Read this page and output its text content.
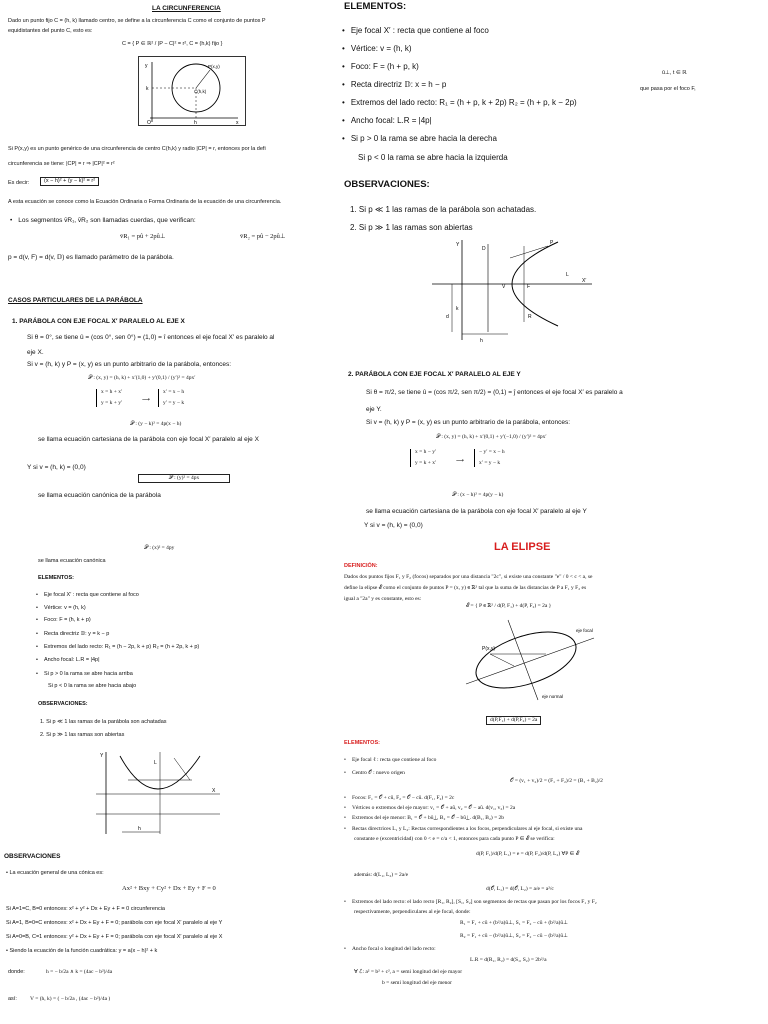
LA CIRCUNFERENCIA
Dado un punto fijo C = (h, k) llamado centro, se define a la circunferencia C como el conjunto de puntos P
equidistantes del punto C, esto es:
C = { P ∈ ℝ² / |P − C|² = r², C = (h,k) fijo }
y
x
k
h
O
P(x,y)
C(h,k)
Si P(x,y) es un punto genérico de una circunferencia de centro C(h,k) y radio |CP| = r, entonces por la defi
circunferencia se tiene: |CP| = r ⇒ |CP|² = r²
Es decir:	(x − h)² + (y − k)² = r²
A esta ecuación se conoce como la Ecuación Ordinaria o Forma Ordinaria de la ecuación de una circunferencia.
• Los segmentos v̄R₁, v̄R₂ son llamadas cuerdas, que verifican:
v̄R₁ = pû + 2pû⊥	v̄R₂ = pû − 2pû⊥
p = d(v, F) = d(v, 𝔻) es llamado parámetro de la parábola.
CASOS PARTICULARES DE LA PARÁBOLA
1. PARÁBOLA CON EJE FOCAL X′ PARALELO AL EJE X
Si θ = 0°, se tiene û = (cos 0°, sen 0°) = (1,0) = î entonces el eje focal X′ es paralelo al
eje X.
Si v = (h, k) y P = (x, y) es un punto arbitrario de la parábola, entonces:
𝒫 : (x, y) = (h, k) + x′(1,0) + y′(0,1) / (y′)² = 4px′
x = h + x′
y = k + y′	⟶
x′ = x − h
y′ = y − k
𝒫 : (y − k)² = 4p(x − h)
se llama ecuación cartesiana de la parábola con eje focal X′ paralelo al eje X
Y si v = (h, k) = (0,0)
𝒫 : (y)² = 4px
se llama ecuación canónica de la parábola
𝒫 : (x)² = 4py
se llama ecuación canónica
ELEMENTOS:
• Eje focal X′ : recta que contiene al foco
• Vértice: v = (h, k)
• Foco: F = (h, k + p)
• Recta directriz 𝔻: y = k − p
• Extremos del lado recto: R₁ = (h − 2p, k + p) R₂ = (h + 2p, k + p)
• Ancho focal: L.R = |4p|
• Si p > 0 la rama se abre hacia arriba
Si p < 0 la rama se abre hacia abajo
OBSERVACIONES:
1. Si p ≪ 1 las ramas de la parábola son achatadas
2. Si p ≫ 1 las ramas son abiertas
Y
X
L
h
OBSERVACIONES
• La ecuación general de una cónica es:
Ax² + Bxy + Cy² + Dx + Ey + F = 0
Si A=1=C, B=0 entonces: x² + y² + Dx + Ey + F = 0 circunferencia
Si A=1, B=0=C entonces: x² + Dx + Ey + F = 0; parábola con eje focal X′ paralelo al eje Y
Si A=0=B, C=1 entonces: y² + Dx + Ey + F = 0; parábola con eje focal X′ paralelo al eje X
• Siendo la ecuación de la función cuadrática: y = a(x − h)² + k
donde:	h = − b/2a ∧ k = (4ac − b²)/4a
así: V = (h, k) = ( − b/2a , (4ac − b²)/4a )
ELEMENTOS:
• Eje focal X′ : recta que contiene al foco
• Vértice: v = (h, k)
• Foco: F = (h + p, k)
• Recta directriz 𝔻: x = h − p
• Extremos del lado recto: R₁ = (h + p, k + 2p) R₂ = (h + p, k − 2p)
• Ancho focal: L.R = |4p|
• Si p > 0 la rama se abre hacia la derecha
Si p < 0 la rama se abre hacia la izquierda
û⊥, t ∈ ℝ
que pasa por el foco F,
OBSERVACIONES:
1. Si p ≪ 1 las ramas de la parábola son achatadas.
2. Si p ≫ 1 las ramas son abiertas
Y
X′
k
h
D
V	F
P
L
R
d
2. PARÁBOLA CON EJE FOCAL X′ PARALELO AL EJE Y
Si θ = π/2, se tiene û = (cos π/2, sen π/2) = (0,1) = ĵ entonces el eje focal X′ es paralelo a
eje Y.
Si v = (h, k) y P = (x, y) es un punto arbitrario de la parábola, entonces:
𝒫 : (x, y) = (h, k) + x′(0,1) + y′(−1,0) / (y′)² = 4px′
x = h − y′
y = k + x′	⟶
− y′ = x − h
x′ = y − k
𝒫 : (x − h)² = 4p(y − k)
se llama ecuación cartesiana de la parábola con eje focal X′ paralelo al eje Y
Y si v = (h, k) = (0,0)
LA ELIPSE
DEFINICIÓN:
Dados dos puntos fijos F₁ y F₂ (focos) separados por una distancia "2c", si existe una constante "e" / 0 < c < a, se
define la elipse 𝓔 como el conjunto de puntos P = (x, y) ∈ ℝ² tal que la suma de las distancias de P a F₁ y F₂ es
igual a "2a" y es constante, esto es:
𝓔 = { P ∈ ℝ² / d(P, F₁) + d(P, F₂) = 2a }
P(x,y)
eje focal
eje normal
d(P,F₁) + d(P,F₂) = 2a
ELEMENTOS:
• Eje focal ℓ : recta que contiene al foco
• Centro 𝒪 : nuevo origen
𝒪 = (v₁ + v₂)/2 = (F₁ + F₂)/2 = (B₁ + B₂)/2
• Focos: F₁ = 𝒪 + cû, F₂ = 𝒪 − cû. d(F₁, F₂) = 2c
• Vértices o extremos del eje mayor: v₁ = 𝒪 + aû, v₂ = 𝒪 − aû. d(v₁, v₂) = 2a
• Extremos del eje menor: B₁ = 𝒪 + bû⊥, B₂ = 𝒪 − bû⊥. d(B₁, B₂) = 2b
• Rectas directrices L₁ y L₂: Rectas correspondientes a los focos, perpendiculares al eje focal, si existe una
constante e (excentricidad) con 0 < e = c/a < 1, entonces para cada punto P ∈ 𝓔 se verifica:
d(P, F₁)/d(P, L₁) = e = d(P, F₂)/d(P, L₂) ∀P ∈ 𝓔
además: d(L₁, L₂) = 2a/e
d(𝒪, L₁) = d(𝒪, L₂) = a/e = a²/c
• Extremos del lado recto: el lado recto [R₁, R₂], [S₁, S₂] son segmentos de rectas que pasan por los focos F₁ y F₂
respectivamente, perpendiculares al eje focal, donde:
R₁ = F₁ + cû + (b²/a)û⊥, S₁ = F₂ − cû + (b²/a)û⊥
R₂ = F₁ + cû − (b²/a)û⊥, S₂ = F₂ − cû − (b²/a)û⊥
• Ancho focal o longitud del lado recto:
L.R = d(R₁, R₂) = d(S₁, S₂) = 2b²/a
∀ ℰ: a² = b² + c², a = semi longitud del eje mayor
b = semi longitud del eje menor
